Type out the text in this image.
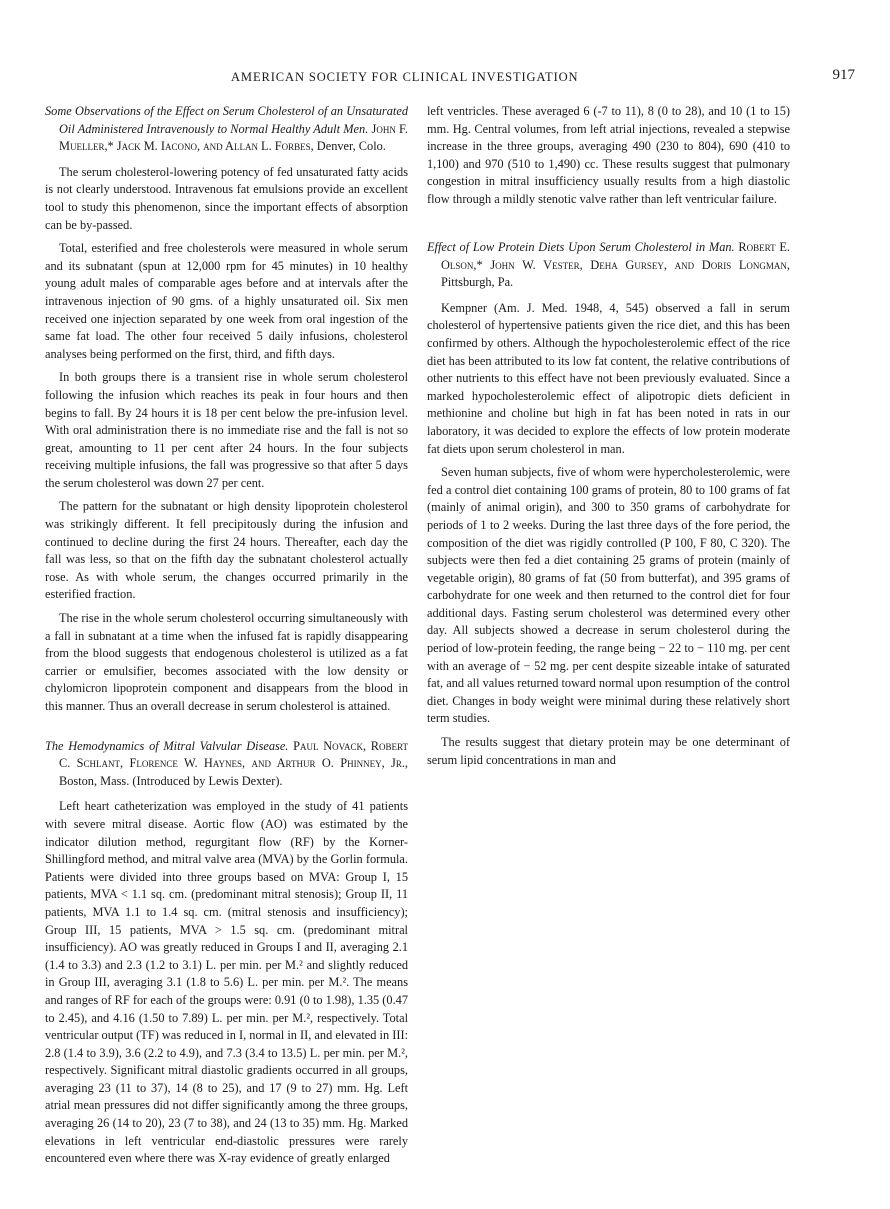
AMERICAN SOCIETY FOR CLINICAL INVESTIGATION	917
Some Observations of the Effect on Serum Cholesterol of an Unsaturated Oil Administered Intravenously to Normal Healthy Adult Men. John F. Mueller,* Jack M. Iacono, and Allan L. Forbes, Denver, Colo.

The serum cholesterol-lowering potency of fed unsaturated fatty acids is not clearly understood. Intravenous fat emulsions provide an excellent tool to study this phenomenon, since the important effects of absorption can be by-passed.

Total, esterified and free cholesterols were measured in whole serum and its subnatant (spun at 12,000 rpm for 45 minutes) in 10 healthy young adult males of comparable ages before and at intervals after the intravenous injection of 90 gms. of a highly unsaturated oil. Six men received one injection separated by one week from oral ingestion of the same fat load. The other four received 5 daily infusions, cholesterol analyses being performed on the first, third, and fifth days.

In both groups there is a transient rise in whole serum cholesterol following the infusion which reaches its peak in four hours and then begins to fall. By 24 hours it is 18 per cent below the pre-infusion level. With oral administration there is no immediate rise and the fall is not so great, amounting to 11 per cent after 24 hours. In the four subjects receiving multiple infusions, the fall was progressive so that after 5 days the serum cholesterol was down 27 per cent.

The pattern for the subnatant or high density lipoprotein cholesterol was strikingly different. It fell precipitously during the infusion and continued to decline during the first 24 hours. Thereafter, each day the fall was less, so that on the fifth day the subnatant cholesterol actually rose. As with whole serum, the changes occurred primarily in the esterified fraction.

The rise in the whole serum cholesterol occurring simultaneously with a fall in subnatant at a time when the infused fat is rapidly disappearing from the blood suggests that endogenous cholesterol is utilized as a fat carrier or emulsifier, becomes associated with the low density or chylomicron lipoprotein component and disappears from the blood in this manner. Thus an overall decrease in serum cholesterol is attained.

The Hemodynamics of Mitral Valvular Disease. Paul Novack, Robert C. Schlant, Florence W. Haynes, and Arthur O. Phinney, Jr., Boston, Mass. (Introduced by Lewis Dexter).

Left heart catheterization was employed in the study of 41 patients with severe mitral disease. Aortic flow (AO) was estimated by the indicator dilution method, regurgitant flow (RF) by the Korner-Shillingford method, and mitral valve area (MVA) by the Gorlin formula. Patients were divided into three groups based on MVA: Group I, 15 patients, MVA < 1.1 sq. cm. (predominant mitral stenosis); Group II, 11 patients, MVA 1.1 to 1.4 sq. cm. (mitral stenosis and insufficiency); Group III, 15 patients, MVA > 1.5 sq. cm. (predominant mitral insufficiency). AO was greatly reduced in Groups I and II, averaging 2.1 (1.4 to 3.3) and 2.3 (1.2 to 3.1) L. per min. per M.² and slightly reduced in Group III, averaging 3.1 (1.8 to 5.6) L. per min. per M.². The means and ranges of RF for each of the groups were: 0.91 (0 to 1.98), 1.35 (0.47 to 2.45), and 4.16 (1.50 to 7.89) L. per min. per M.², respectively. Total ventricular output (TF) was reduced in I, normal in II, and elevated in III: 2.8 (1.4 to 3.9), 3.6 (2.2 to 4.9), and 7.3 (3.4 to 13.5) L. per min. per M.², respectively. Significant mitral diastolic gradients occurred in all groups, averaging 23 (11 to 37), 14 (8 to 25), and 17 (9 to 27) mm. Hg. Left atrial mean pressures did not differ significantly among the three groups, averaging 26 (14 to 20), 23 (7 to 38), and 24 (13 to 35) mm. Hg. Marked elevations in left ventricular end-diastolic pressures were rarely encountered even where there was X-ray evidence of greatly enlarged

Effect of Low Protein Diets Upon Serum Cholesterol in Man. Robert E. Olson,* John W. Vester, Deha Gursey, and Doris Longman, Pittsburgh, Pa.

Kempner (Am. J. Med. 1948, 4, 545) observed a fall in serum cholesterol of hypertensive patients given the rice diet, and this has been confirmed by others. Although the hypocholesterolemic effect of the rice diet has been attributed to its low fat content, the relative contributions of other nutrients to this effect have not been previously evaluated. Since a marked hypocholesterolemic effect of alipotropic diets deficient in methionine and choline but high in fat has been noted in rats in our laboratory, it was decided to explore the effects of low protein moderate fat diets upon serum cholesterol in man.

Seven human subjects, five of whom were hypercholesterolemic, were fed a control diet containing 100 grams of protein, 80 to 100 grams of fat (mainly of animal origin), and 300 to 350 grams of carbohydrate for periods of 1 to 2 weeks. During the last three days of the fore period, the composition of the diet was rigidly controlled (P 100, F 80, C 320). The subjects were then fed a diet containing 25 grams of protein (mainly of vegetable origin), 80 grams of fat (50 from butterfat), and 395 grams of carbohydrate for one week and then returned to the control diet for four additional days. Fasting serum cholesterol was determined every other day. All subjects showed a decrease in serum cholesterol during the period of low-protein feeding, the range being − 22 to − 110 mg. per cent with an average of − 52 mg. per cent despite sizeable intake of saturated fat, and all values returned toward normal upon resumption of the control diet. Changes in body weight were minimal during these relatively short term studies.

The results suggest that dietary protein may be one determinant of serum lipid concentrations in man and

left ventricles. These averaged 6 (-7 to 11), 8 (0 to 28), and 10 (1 to 15) mm. Hg. Central volumes, from left atrial injections, revealed a stepwise increase in the three groups, averaging 490 (230 to 804), 690 (410 to 1,100) and 970 (510 to 1,490) cc. These results suggest that pulmonary congestion in mitral insufficiency usually results from a high diastolic flow through a mildly stenotic valve rather than left ventricular failure.
